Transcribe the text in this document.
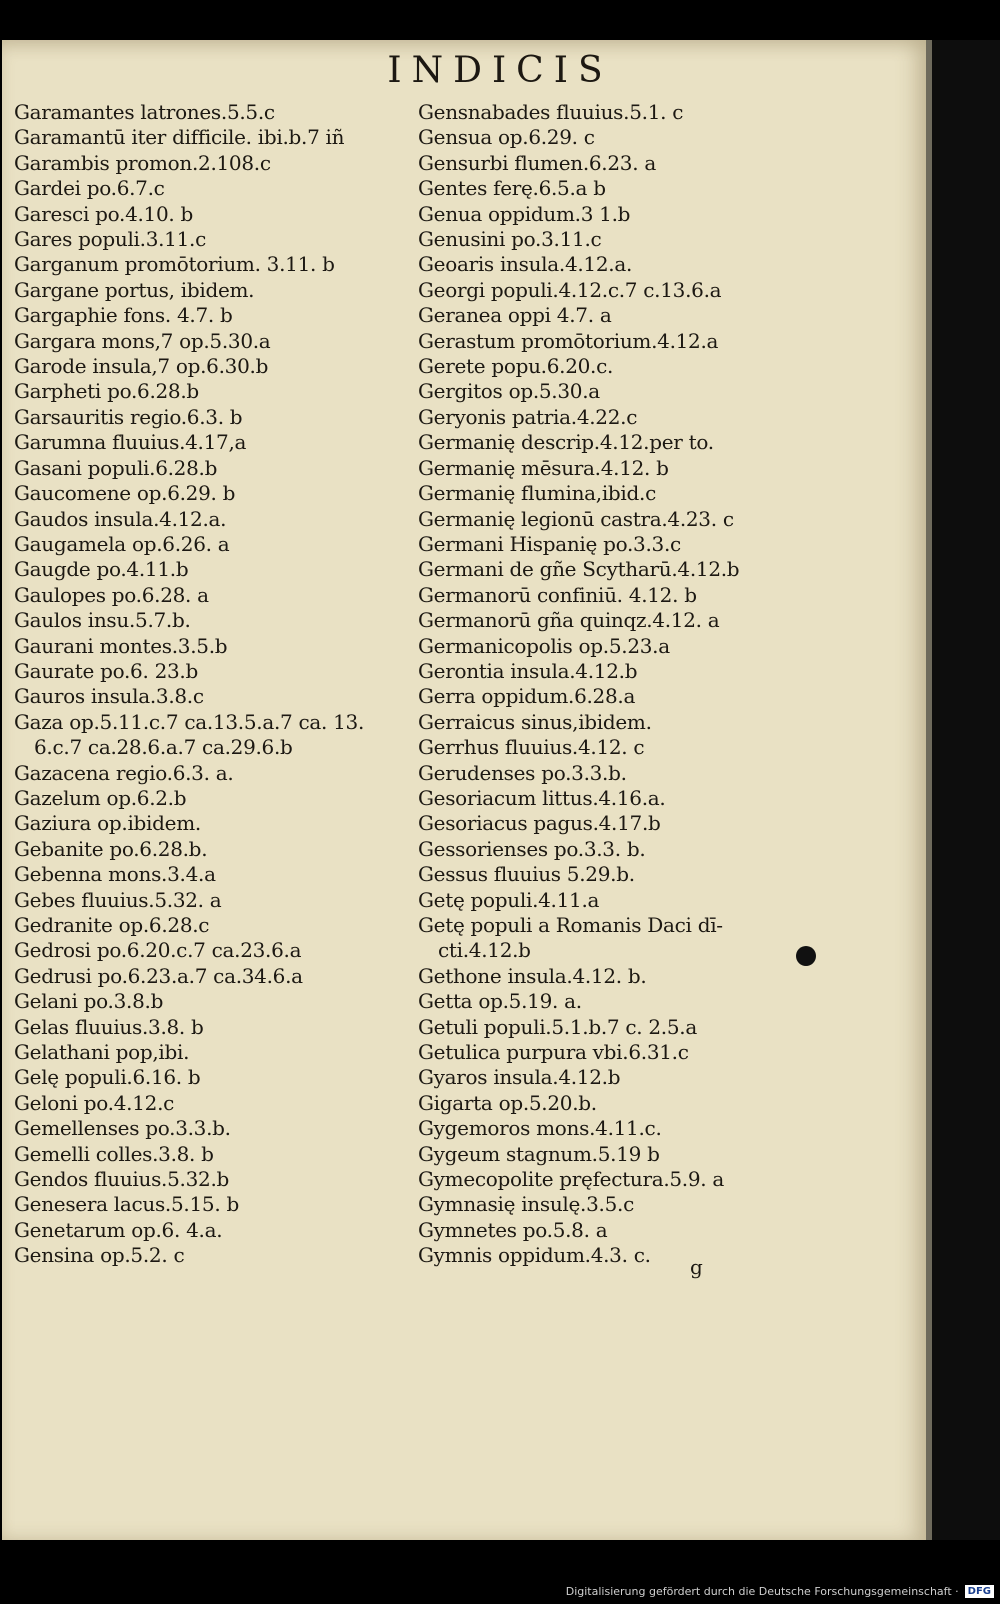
INDICIS
Garamantes latrones.5.5.c
Garamantū iter difficile. ibi.b.7 iñ
Garambis promon.2.108.c
Gardei po.6.7.c
Garesci po.4.10. b
Gares populi.3.11.c
Garganum promōtorium. 3.11. b
Gargane portus, ibidem.
Gargaphie fons. 4.7. b
Gargara mons,7 op.5.30.a
Garode insula,7 op.6.30.b
Garpheti po.6.28.b
Garsauritis regio.6.3. b
Garumna fluuius.4.17,a
Gasani populi.6.28.b
Gaucomene op.6.29. b
Gaudos insula.4.12.a.
Gaugamela op.6.26. a
Gaugde po.4.11.b
Gaulopes po.6.28. a
Gaulos insu.5.7.b.
Gaurani montes.3.5.b
Gaurate po.6. 23.b
Gauros insula.3.8.c
Gaza op.5.11.c.7 ca.13.5.a.7 ca. 13.
6.c.7 ca.28.6.a.7 ca.29.6.b
Gazacena regio.6.3. a.
Gazelum op.6.2.b
Gaziura op.ibidem.
Gebanite po.6.28.b.
Gebenna mons.3.4.a
Gebes fluuius.5.32. a
Gedranite op.6.28.c
Gedrosi po.6.20.c.7 ca.23.6.a
Gedrusi po.6.23.a.7 ca.34.6.a
Gelani po.3.8.b
Gelas fluuius.3.8. b
Gelathani pop,ibi.
Gelę populi.6.16. b
Geloni po.4.12.c
Gemellenses po.3.3.b.
Gemelli colles.3.8. b
Gendos fluuius.5.32.b
Genesera lacus.5.15. b
Genetarum op.6. 4.a.
Gensina op.5.2. c
Gensnabades fluuius.5.1. c
Gensua op.6.29. c
Gensurbi flumen.6.23. a
Gentes ferę.6.5.a b
Genua oppidum.3 1.b
Genusini po.3.11.c
Geoaris insula.4.12.a.
Georgi populi.4.12.c.7 c.13.6.a
Geranea oppi 4.7. a
Gerastum promōtorium.4.12.a
Gerete popu.6.20.c.
Gergitos op.5.30.a
Geryonis patria.4.22.c
Germanię descrip.4.12.per to.
Germanię mēsura.4.12. b
Germanię flumina,ibid.c
Germanię legionū castra.4.23. c
Germani Hispanię po.3.3.c
Germani de gñe Scytharū.4.12.b
Germanorū confiniū. 4.12. b
Germanorū gña quinqz.4.12. a
Germanicopolis op.5.23.a
Gerontia insula.4.12.b
Gerra oppidum.6.28.a
Gerraicus sinus,ibidem.
Gerrhus fluuius.4.12. c
Gerudenses po.3.3.b.
Gesoriacum littus.4.16.a.
Gesoriacus pagus.4.17.b
Gessorienses po.3.3. b.
Gessus fluuius 5.29.b.
Getę populi.4.11.a
Getę populi a Romanis Daci dī-
cti.4.12.b
Gethone insula.4.12. b.
Getta op.5.19. a.
Getuli populi.5.1.b.7 c. 2.5.a
Getulica purpura vbi.6.31.c
Gyaros insula.4.12.b
Gigarta op.5.20.b.
Gygemoros mons.4.11.c.
Gygeum stagnum.5.19 b
Gymecopolite pręfectura.5.9. a
Gymnasię insulę.3.5.c
Gymnetes po.5.8. a
Gymnis oppidum.4.3. c.	g
Digitalisierung gefördert durch die Deutsche Forschungsgemeinschaft · DFG
